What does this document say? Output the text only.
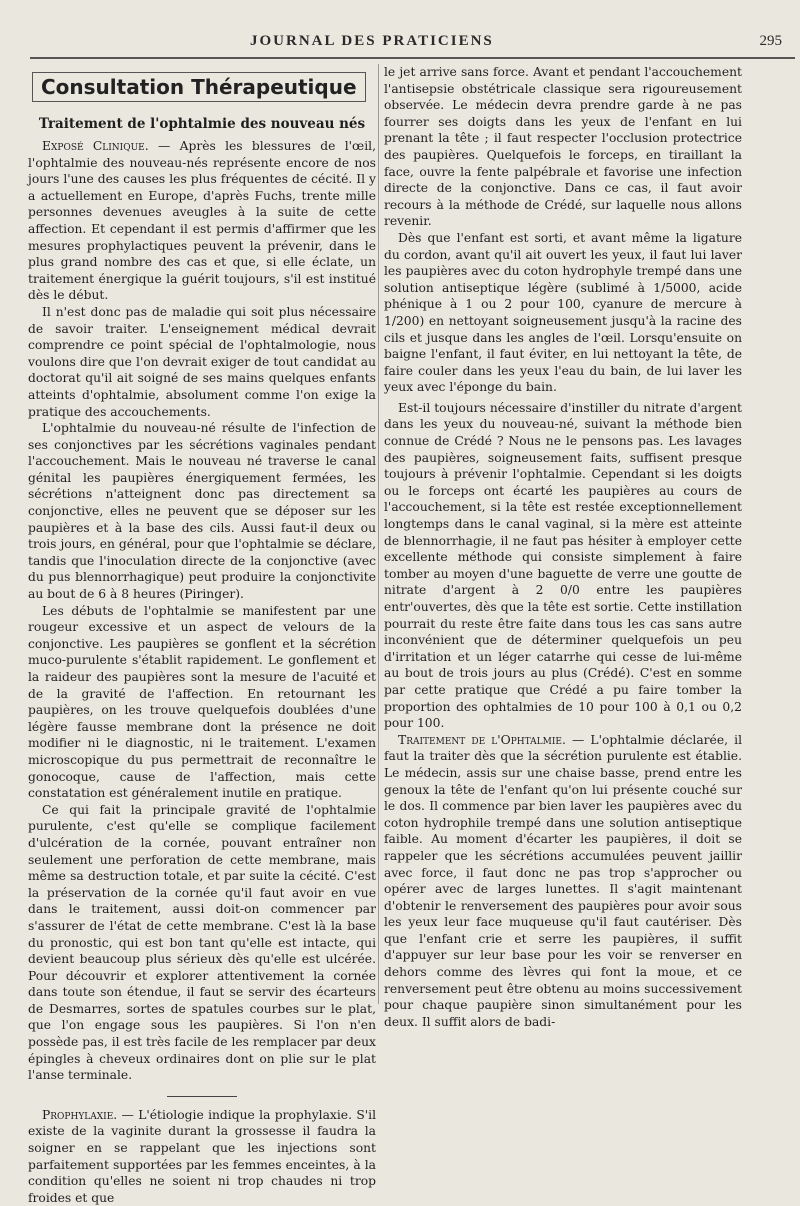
JOURNAL DES PRATICIENS	295
Consultation Thérapeutique
Traitement de l'ophtalmie des nouveau nés

Exposé Clinique. — Après les blessures de l'œil, l'ophtalmie des nouveau-nés représente encore de nos jours l'une des causes les plus fréquentes de cécité. Il y a actuellement en Europe, d'après Fuchs, trente mille personnes devenues aveugles à la suite de cette affection. Et cependant il est permis d'affirmer que les mesures prophylactiques peuvent la prévenir, dans le plus grand nombre des cas et que, si elle éclate, un traitement énergique la guérit toujours, s'il est institué dès le début.

Il n'est donc pas de maladie qui soit plus nécessaire de savoir traiter. L'enseignement médical devrait comprendre ce point spécial de l'ophtalmologie, nous voulons dire que l'on devrait exiger de tout candidat au doctorat qu'il ait soigné de ses mains quelques enfants atteints d'ophtalmie, absolument comme l'on exige la pratique des accouchements.

L'ophtalmie du nouveau-né résulte de l'infection de ses conjonctives par les sécrétions vaginales pendant l'accouchement. Mais le nouveau né traverse le canal génital les paupières énergiquement fermées, les sécrétions n'atteignent donc pas directement sa conjonctive, elles ne peuvent que se déposer sur les paupières et à la base des cils. Aussi faut-il deux ou trois jours, en général, pour que l'ophtalmie se déclare, tandis que l'inoculation directe de la conjonctive (avec du pus blennorrhagique) peut produire la conjonctivite au bout de 6 à 8 heures (Piringer).

Les débuts de l'ophtalmie se manifestent par une rougeur excessive et un aspect de velours de la conjonctive. Les paupières se gonflent et la sécrétion muco-purulente s'établit rapidement. Le gonflement et la raideur des paupières sont la mesure de l'acuité et de la gravité de l'affection. En retournant les paupières, on les trouve quelquefois doublées d'une légère fausse membrane dont la présence ne doit modifier ni le diagnostic, ni le traitement. L'examen microscopique du pus permettrait de reconnaître le gonocoque, cause de l'affection, mais cette constatation est généralement inutile en pratique.

Ce qui fait la principale gravité de l'ophtalmie purulente, c'est qu'elle se complique facilement d'ulcération de la cornée, pouvant entraîner non seulement une perforation de cette membrane, mais même sa destruction totale, et par suite la cécité. C'est la préservation de la cornée qu'il faut avoir en vue dans le traitement, aussi doit-on commencer par s'assurer de l'état de cette membrane. C'est là la base du pronostic, qui est bon tant qu'elle est intacte, qui devient beaucoup plus sérieux dès qu'elle est ulcérée. Pour découvrir et explorer attentivement la cornée dans toute son étendue, il faut se servir des écarteurs de Desmarres, sortes de spatules courbes sur le plat, que l'on engage sous les paupières. Si l'on n'en possède pas, il est très facile de les remplacer par deux épingles à cheveux ordinaires dont on plie sur le plat l'anse terminale.

Prophylaxie. — L'étiologie indique la prophylaxie. S'il existe de la vaginite durant la grossesse il faudra la soigner en se rappelant que les injections sont parfaitement supportées par les femmes enceintes, à la condition qu'elles ne soient ni trop chaudes ni trop froides et que

le jet arrive sans force. Avant et pendant l'accouchement l'antisepsie obstétricale classique sera rigoureusement observée. Le médecin devra prendre garde à ne pas fourrer ses doigts dans les yeux de l'enfant en lui prenant la tête ; il faut respecter l'occlusion protectrice des paupières. Quelquefois le forceps, en tiraillant la face, ouvre la fente palpébrale et favorise une infection directe de la conjonctive. Dans ce cas, il faut avoir recours à la méthode de Crédé, sur laquelle nous allons revenir.

Dès que l'enfant est sorti, et avant même la ligature du cordon, avant qu'il ait ouvert les yeux, il faut lui laver les paupières avec du coton hydrophyle trempé dans une solution antiseptique légère (sublimé à 1/5000, acide phénique à 1 ou 2 pour 100, cyanure de mercure à 1/200) en nettoyant soigneusement jusqu'à la racine des cils et jusque dans les angles de l'œil. Lorsqu'ensuite on baigne l'enfant, il faut éviter, en lui nettoyant la tête, de faire couler dans les yeux l'eau du bain, de lui laver les yeux avec l'éponge du bain.

Est-il toujours nécessaire d'instiller du nitrate d'argent dans les yeux du nouveau-né, suivant la méthode bien connue de Crédé ? Nous ne le pensons pas. Les lavages des paupières, soigneusement faits, suffisent presque toujours à prévenir l'ophtalmie. Cependant si les doigts ou le forceps ont écarté les paupières au cours de l'accouchement, si la tête est restée exceptionnellement longtemps dans le canal vaginal, si la mère est atteinte de blennorrhagie, il ne faut pas hésiter à employer cette excellente méthode qui consiste simplement à faire tomber au moyen d'une baguette de verre une goutte de nitrate d'argent à 2 0/0 entre les paupières entr'ouvertes, dès que la tête est sortie. Cette instillation pourrait du reste être faite dans tous les cas sans autre inconvénient que de déterminer quelquefois un peu d'irritation et un léger catarrhe qui cesse de lui-même au bout de trois jours au plus (Crédé). C'est en somme par cette pratique que Crédé a pu faire tomber la proportion des ophtalmies de 10 pour 100 à 0,1 ou 0,2 pour 100.

Traitement de l'Ophtalmie. — L'ophtalmie déclarée, il faut la traiter dès que la sécrétion purulente est établie. Le médecin, assis sur une chaise basse, prend entre les genoux la tête de l'enfant qu'on lui présente couché sur le dos. Il commence par bien laver les paupières avec du coton hydrophile trempé dans une solution antiseptique faible. Au moment d'écarter les paupières, il doit se rappeler que les sécrétions accumulées peuvent jaillir avec force, il faut donc ne pas trop s'approcher ou opérer avec de larges lunettes. Il s'agit maintenant d'obtenir le renversement des paupières pour avoir sous les yeux leur face muqueuse qu'il faut cautériser. Dès que l'enfant crie et serre les paupières, il suffit d'appuyer sur leur base pour les voir se renverser en dehors comme des lèvres qui font la moue, et ce renversement peut être obtenu au moins successivement pour chaque paupière sinon simultanément pour les deux. Il suffit alors de badi-
